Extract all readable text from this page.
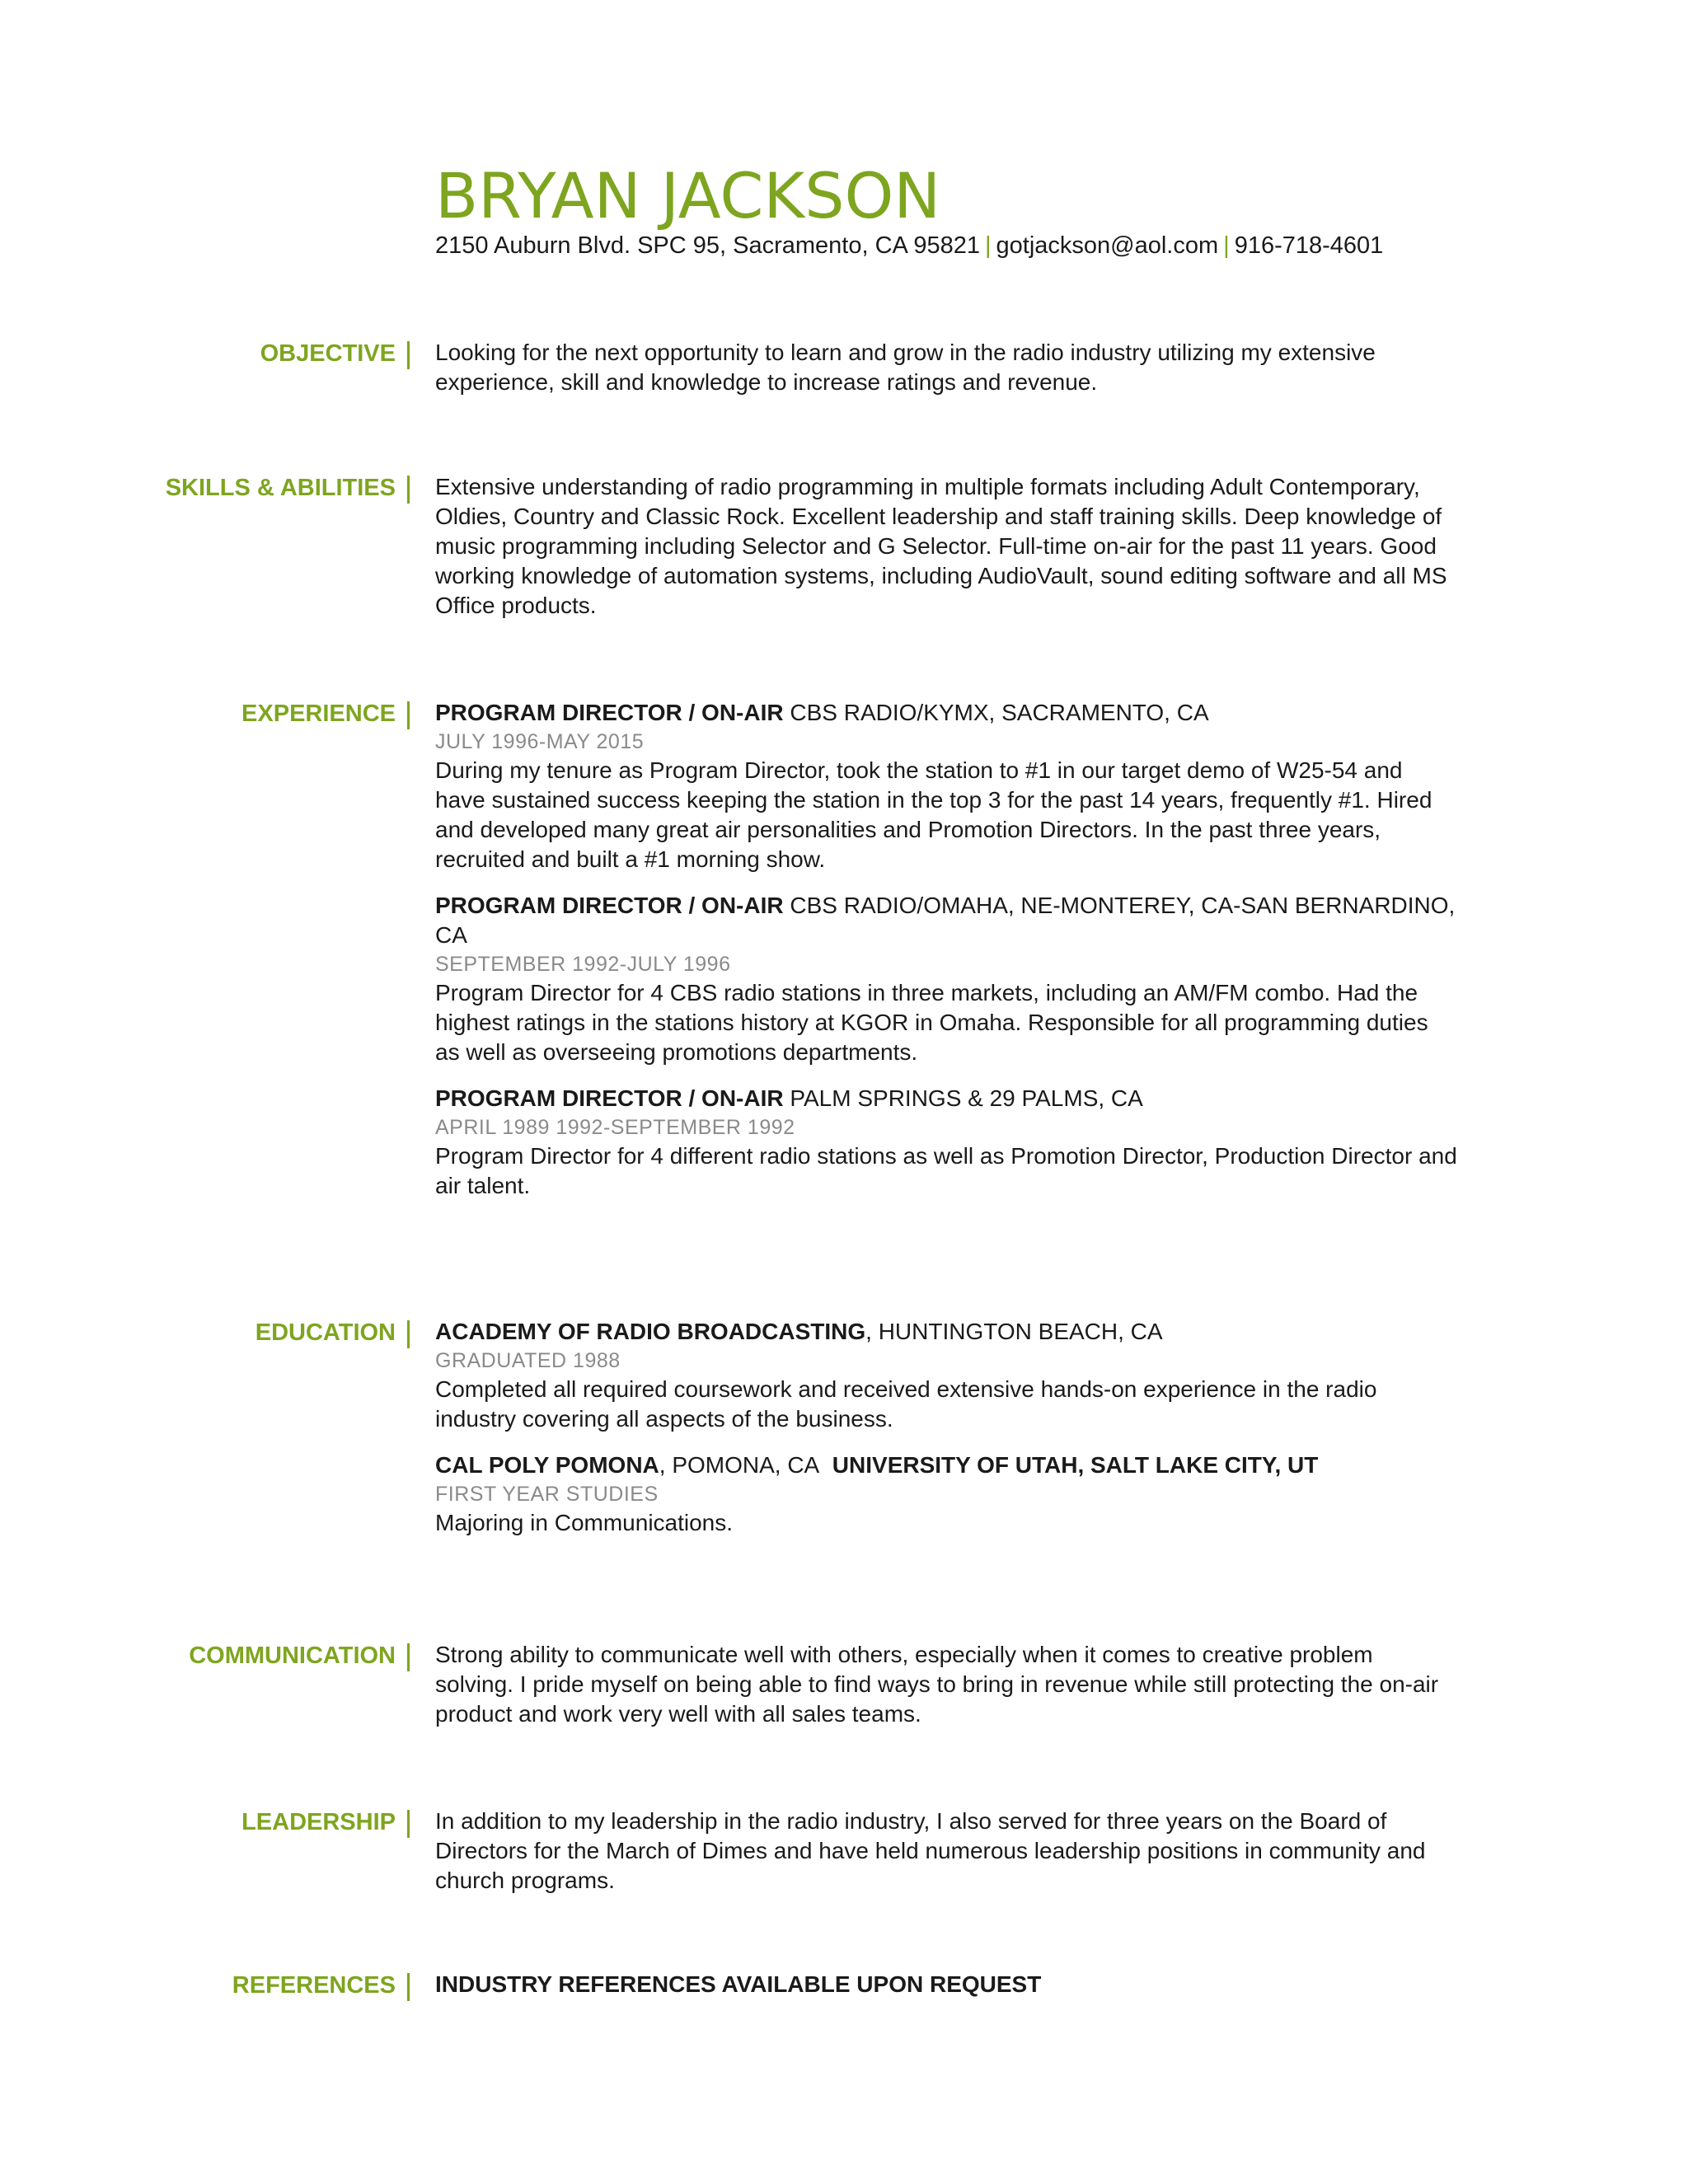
BRYAN JACKSON
2150 Auburn Blvd. SPC 95, Sacramento, CA 95821 | gotjackson@aol.com | 916-718-4601
OBJECTIVE Looking for the next opportunity to learn and grow in the radio industry utilizing my extensive experience, skill and knowledge to increase ratings and revenue.

SKILLS & ABILITIES Extensive understanding of radio programming in multiple formats including Adult Contemporary, Oldies, Country and Classic Rock. Excellent leadership and staff training skills. Deep knowledge of music programming including Selector and G Selector. Full-time on-air for the past 11 years. Good working knowledge of automation systems, including AudioVault, sound editing software and all MS Office products.

EXPERIENCE PROGRAM DIRECTOR / ON-AIR CBS RADIO/KYMX, SACRAMENTO, CA

JULY 1996-MAY 2015

During my tenure as Program Director, took the station to #1 in our target demo of W25-54 and have sustained success keeping the station in the top 3 for the past 14 years, frequently #1. Hired and developed many great air personalities and Promotion Directors. In the past three years, recruited and built a #1 morning show.

PROGRAM DIRECTOR / ON-AIR CBS RADIO/OMAHA, NE-MONTEREY, CA-SAN BERNARDINO, CA

SEPTEMBER 1992-JULY 1996

Program Director for 4 CBS radio stations in three markets, including an AM/FM combo. Had the highest ratings in the stations history at KGOR in Omaha. Responsible for all programming duties as well as overseeing promotions departments.

PROGRAM DIRECTOR / ON-AIR PALM SPRINGS & 29 PALMS, CA

APRIL 1989 1992-SEPTEMBER 1992

Program Director for 4 different radio stations as well as Promotion Director, Production Director and air talent.

EDUCATION ACADEMY OF RADIO BROADCASTING, HUNTINGTON BEACH, CA

GRADUATED 1988

Completed all required coursework and received extensive hands-on experience in the radio industry covering all aspects of the business.

CAL POLY POMONA, POMONA, CA UNIVERSITY OF UTAH, SALT LAKE CITY, UT

FIRST YEAR STUDIES

Majoring in Communications.

COMMUNICATION Strong ability to communicate well with others, especially when it comes to creative problem solving. I pride myself on being able to find ways to bring in revenue while still protecting the on-air product and work very well with all sales teams.

LEADERSHIP In addition to my leadership in the radio industry, I also served for three years on the Board of Directors for the March of Dimes and have held numerous leadership positions in community and church programs.

REFERENCES INDUSTRY REFERENCES AVAILABLE UPON REQUEST
